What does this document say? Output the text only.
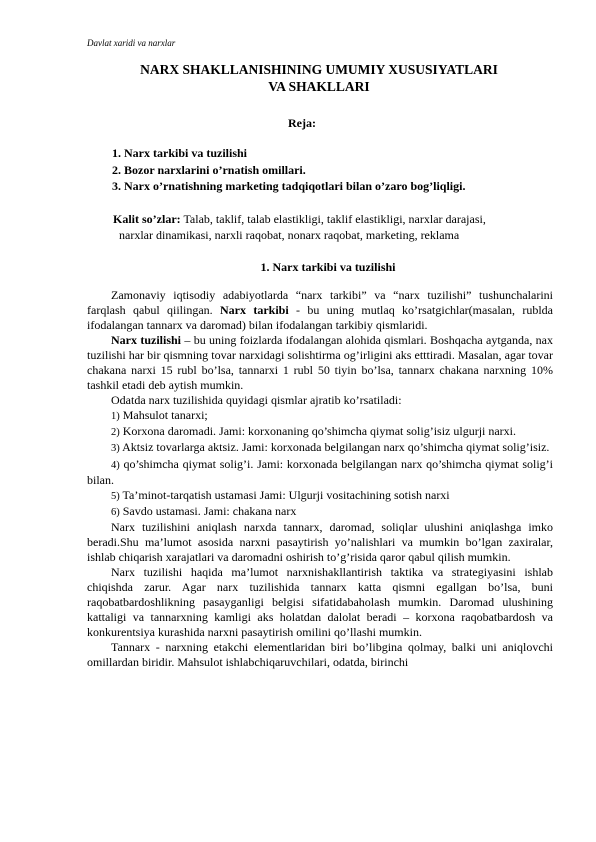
Davlat xaridi va narxlar
NARX SHAKLLANISHINING UMUMIY XUSUSIYATLARI
VA SHAKLLARI
Reja:
1. Narx tarkibi va tuzilishi
2. Bozor narxlarini o’rnatish omillari.
3. Narx o’rnatishning marketing tadqiqotlari bilan o’zaro bog’liqligi.
Kalit so’zlar: Talab, taklif, talab elastikligi, taklif elastikligi, narxlar darajasi,
narxlar dinamikasi, narxli raqobat, nonarx raqobat, marketing, reklama
1. Narx tarkibi va tuzilishi

Zamonaviy iqtisodiy adabiyotlarda “narx tarkibi” va “narx tuzilishi” tushunchalarini farqlash qabul qiilingan. Narx tarkibi - bu uning mutlaq ko’rsatgichlar(masalan, rublda ifodalangan tannarx va daromad) bilan ifodalangan tarkibiy qismlaridi.

Narx tuzilishi – bu uning foizlarda ifodalangan alohida qismlari. Boshqacha aytganda, nax tuzilishi har bir qismning tovar narxidagi solishtirma og’irligini aks etttiradi. Masalan, agar tovar chakana narxi 15 rubl bo’lsa, tannarxi 1 rubl 50 tiyin bo’lsa, tannarx chakana narxning 10% tashkil etadi deb aytish mumkin.

Odatda narx tuzilishida quyidagi qismlar ajratib ko’rsatiladi:

1) Mahsulot tanarxi;

2) Korxona daromadi. Jami: korxonaning qo’shimcha qiymat solig’isiz ulgurji narxi.

3) Aktsiz tovarlarga aktsiz. Jami: korxonada belgilangan narx qo’shimcha qiymat solig’isiz.

4) qo’shimcha qiymat solig’i. Jami: korxonada belgilangan narx qo’shimcha qiymat solig’i bilan.

5) Ta’minot-tarqatish ustamasi Jami: Ulgurji vositachining sotish narxi

6) Savdo ustamasi. Jami: chakana narx

Narx tuzilishini aniqlash narxda tannarx, daromad, soliqlar ulushini aniqlashga imko beradi.Shu ma’lumot asosida narxni pasaytirish yo’nalishlari va mumkin bo’lgan zaxiralar, ishlab chiqarish xarajatlari va daromadni oshirish to’g’risida qaror qabul qilish mumkin.

Narx tuzilishi haqida ma’lumot narxnishakllantirish taktika va strategiyasini ishlab chiqishda zarur. Agar narx tuzilishida tannarx katta qismni egallgan bo’lsa, buni raqobatbardoshlikning pasayganligi belgisi sifatidabaholash mumkin. Daromad ulushining kattaligi va tannarxning kamligi aks holatdan dalolat beradi – korxona raqobatbardosh va konkurentsiya kurashida narxni pasaytirish omilini qo’llashi mumkin.

Tannarx - narxning etakchi elementlaridan biri bo’libgina qolmay, balki uni aniqlovchi omillardan biridir. Mahsulot ishlabchiqaruvchilari, odatda, birinchi
